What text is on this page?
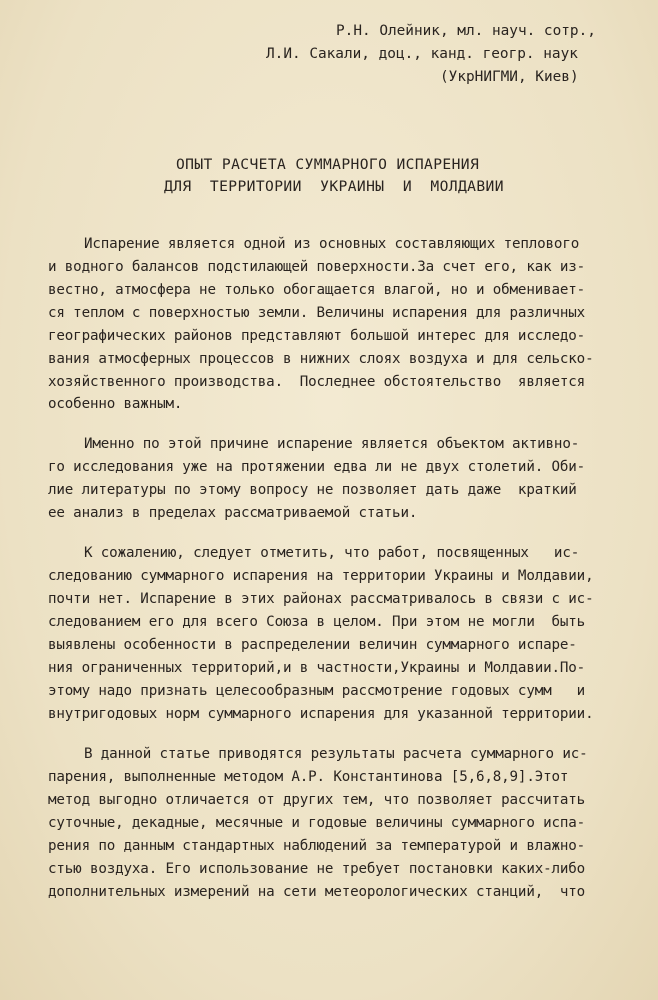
Р.Н. Олейник, мл. науч. сотр.,
Л.И. Сакали, доц., канд. геогр. наук
(УкрНИГМИ, Киев)
ОПЫТ РАСЧЕТА СУММАРНОГО ИСПАРЕНИЯ
ДЛЯ  ТЕРРИТОРИИ  УКРАИНЫ  И  МОЛДАВИИ
Испарение является одной из основных составляющих теплового
и водного балансов подстилающей поверхности.За счет его, как из-
вестно, атмосфера не только обогащается влагой, но и обменивает-
ся теплом с поверхностью земли. Величины испарения для различных
географических районов представляют большой интерес для исследо-
вания атмосферных процессов в нижних слоях воздуха и для сельско-
хозяйственного производства.  Последнее обстоятельство  является
особенно важным.
Именно по этой причине испарение является объектом активно-
го исследования уже на протяжении едва ли не двух столетий. Оби-
лие литературы по этому вопросу не позволяет дать даже  краткий
ее анализ в пределах рассматриваемой статьи.
К сожалению, следует отметить, что работ, посвященных   ис-
следованию суммарного испарения на территории Украины и Молдавии,
почти нет. Испарение в этих районах рассматривалось в связи с ис-
следованием его для всего Союза в целом. При этом не могли  быть
выявлены особенности в распределении величин суммарного испаре-
ния ограниченных территорий,и в частности,Украины и Молдавии.По-
этому надо признать целесообразным рассмотрение годовых сумм   и
внутригодовых норм суммарного испарения для указанной территории.
В данной статье приводятся результаты расчета суммарного ис-
парения, выполненные методом А.Р. Константинова [5,6,8,9].Этот
метод выгодно отличается от других тем, что позволяет рассчитать
суточные, декадные, месячные и годовые величины суммарного испа-
рения по данным стандартных наблюдений за температурой и влажно-
стью воздуха. Его использование не требует постановки каких-либо
дополнительных измерений на сети метеорологических станций,  что
